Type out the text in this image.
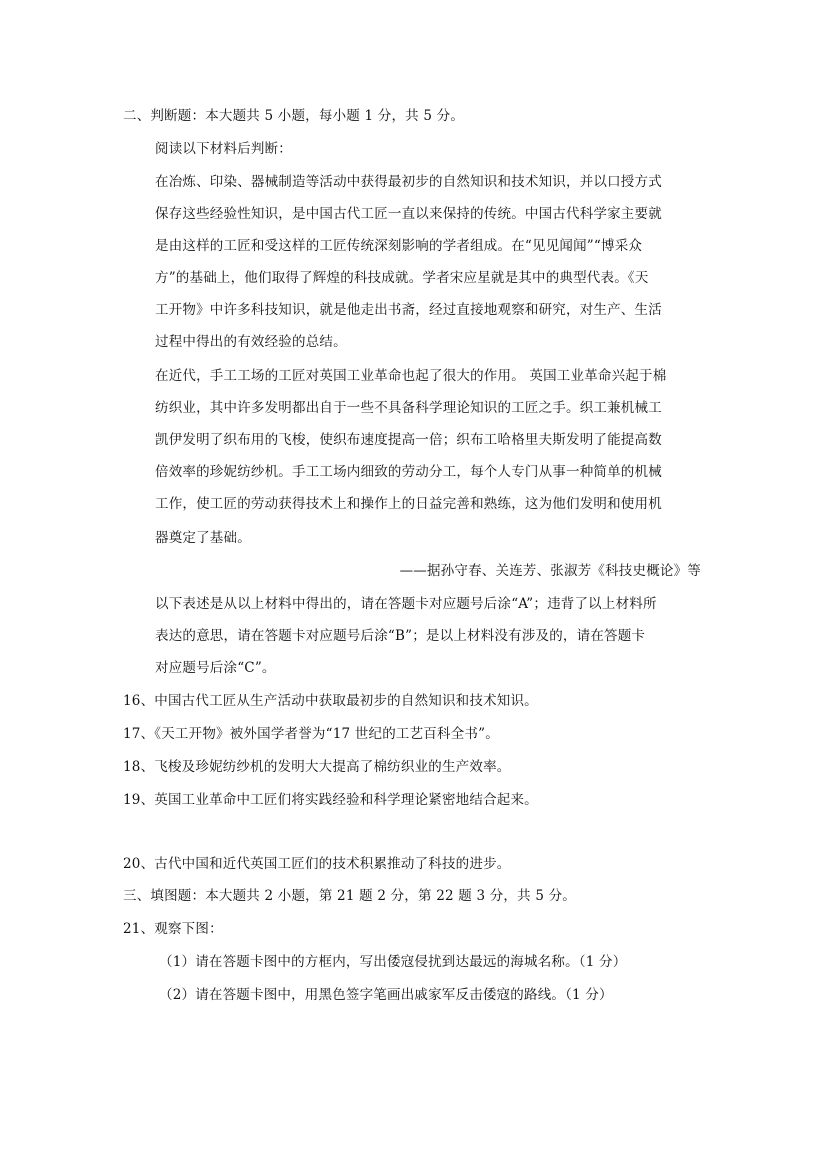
二、判断题：本大题共 5 小题，每小题 1 分，共 5 分。
阅读以下材料后判断：
在冶炼、印染、器械制造等活动中获得最初步的自然知识和技术知识，并以口授方式
保存这些经验性知识，是中国古代工匠一直以来保持的传统。中国古代科学家主要就
是由这样的工匠和受这样的工匠传统深刻影响的学者组成。在“见见闻闻”“博采众
方”的基础上，他们取得了辉煌的科技成就。学者宋应星就是其中的典型代表。《天
工开物》中许多科技知识，就是他走出书斋，经过直接地观察和研究，对生产、生活
过程中得出的有效经验的总结。
在近代，手工工场的工匠对英国工业革命也起了很大的作用。 英国工业革命兴起于棉
纺织业，其中许多发明都出自于一些不具备科学理论知识的工匠之手。织工兼机械工
凯伊发明了织布用的飞梭，使织布速度提高一倍；织布工哈格里夫斯发明了能提高数
倍效率的珍妮纺纱机。手工工场内细致的劳动分工，每个人专门从事一种简单的机械
工作，使工匠的劳动获得技术上和操作上的日益完善和熟练，这为他们发明和使用机
器奠定了基础。
——据孙守春、关连芳、张淑芳《科技史概论》等
以下表述是从以上材料中得出的，请在答题卡对应题号后涂“A”；违背了以上材料所
表达的意思，请在答题卡对应题号后涂“B”；是以上材料没有涉及的，请在答题卡
对应题号后涂“C”。
16、中国古代工匠从生产活动中获取最初步的自然知识和技术知识。
17、《天工开物》被外国学者誉为“17 世纪的工艺百科全书”。
18、飞梭及珍妮纺纱机的发明大大提高了棉纺织业的生产效率。
19、英国工业革命中工匠们将实践经验和科学理论紧密地结合起来。
20、古代中国和近代英国工匠们的技术积累推动了科技的进步。
三、填图题：本大题共 2 小题，第 21 题 2 分，第 22 题 3 分，共 5 分。
21、观察下图：
（1）请在答题卡图中的方框内，写出倭寇侵扰到达最远的海城名称。（1 分）
（2）请在答题卡图中，用黑色签字笔画出戚家军反击倭寇的路线。（1 分）
